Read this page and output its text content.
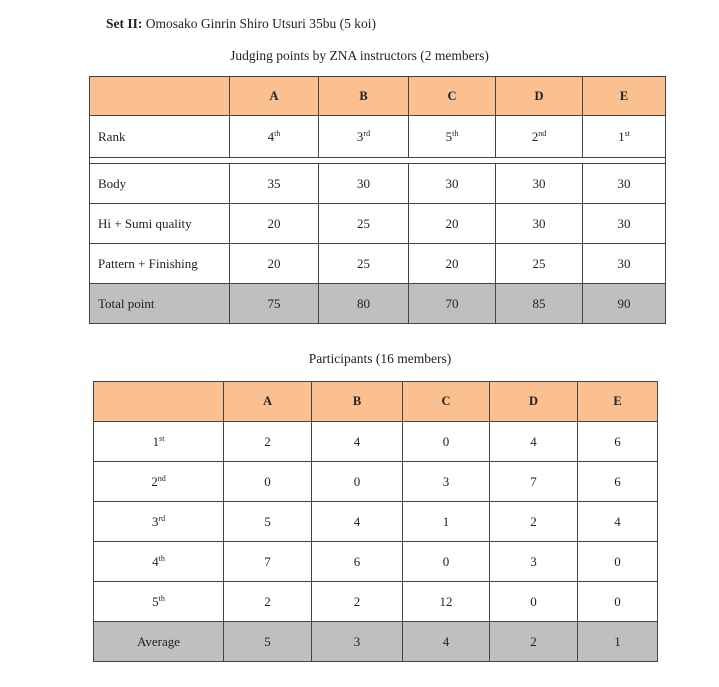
Set II: Omosako Ginrin Shiro Utsuri 35bu (5 koi)
Judging points by ZNA instructors (2 members)
	A	B	C	D	E
Rank	4th	3rd	5th	2nd	1st

Body	35	30	30	30	30
Hi + Sumi quality	20	25	20	30	30
Pattern + Finishing	20	25	20	25	30
Total point	75	80	70	85	90
Participants (16 members)
	A	B	C	D	E
1st	2	4	0	4	6
2nd	0	0	3	7	6
3rd	5	4	1	2	4
4th	7	6	0	3	0
5th	2	2	12	0	0
Average	5	3	4	2	1
